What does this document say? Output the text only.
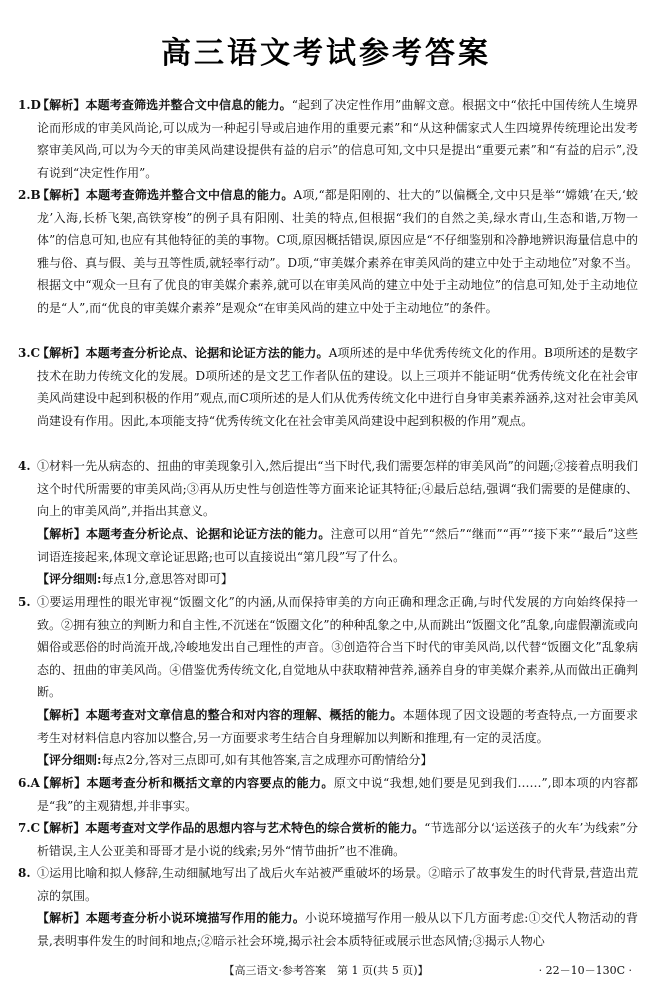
高三语文考试参考答案
1.D
【解析】本题考查筛选并整合文中信息的能力。“起到了决定性作用”曲解文意。根据文中“依托中国传统人生境界论而形成的审美风尚论,可以成为一种起引导或启迪作用的重要元素”和“从这种儒家式人生四境界传统理论出发考察审美风尚,可以为今天的审美风尚建设提供有益的启示”的信息可知,文中只是提出“重要元素”和“有益的启示”,没有说到“决定性作用”。
2.B
【解析】本题考查筛选并整合文中信息的能力。A项,“都是阳刚的、壮大的”以偏概全,文中只是举“‘嫦娥’在天,‘蛟龙’入海,长桥飞架,高铁穿梭”的例子具有阳刚、壮美的特点,但根据“我们的自然之美,绿水青山,生态和谐,万物一体”的信息可知,也应有其他特征的美的事物。C项,原因概括错误,原因应是“不仔细鉴别和冷静地辨识海量信息中的雅与俗、真与假、美与丑等性质,就轻率行动”。D项,“审美媒介素养在审美风尚的建立中处于主动地位”对象不当。根据文中“观众一旦有了优良的审美媒介素养,就可以在审美风尚的建立中处于主动地位”的信息可知,处于主动地位的是“人”,而“优良的审美媒介素养”是观众“在审美风尚的建立中处于主动地位”的条件。
3.C
【解析】本题考查分析论点、论据和论证方法的能力。A项所述的是中华优秀传统文化的作用。B项所述的是数字技术在助力传统文化的发展。D项所述的是文艺工作者队伍的建设。以上三项并不能证明“优秀传统文化在社会审美风尚建设中起到积极的作用”观点,而C项所述的是人们从优秀传统文化中进行自身审美素养涵养,这对社会审美风尚建设有作用。因此,本项能支持“优秀传统文化在社会审美风尚建设中起到积极的作用”观点。
4. ①材料一先从病态的、扭曲的审美现象引入,然后提出“当下时代,我们需要怎样的审美风尚”的问题;②接着点明我们这个时代所需要的审美风尚;③再从历史性与创造性等方面来论证其特征;④最后总结,强调“我们需要的是健康的、向上的审美风尚”,并指出其意义。
【解析】本题考查分析论点、论据和论证方法的能力。注意可以用“首先”“然后”“继而”“再”“接下来”“最后”这些词语连接起来,体现文章论证思路;也可以直接说出“第几段”写了什么。
【评分细则:每点1分,意思答对即可】
5. ①要运用理性的眼光审视“饭圈文化”的内涵,从而保持审美的方向正确和理念正确,与时代发展的方向始终保持一致。②拥有独立的判断力和自主性,不沉迷在“饭圈文化”的种种乱象之中,从而跳出“饭圈文化”乱象,向虚假潮流或向媚俗或恶俗的时尚流开战,冷峻地发出自己理性的声音。③创造符合当下时代的审美风尚,以代替“饭圈文化”乱象病态的、扭曲的审美风尚。④借鉴优秀传统文化,自觉地从中获取精神营养,涵养自身的审美媒介素养,从而做出正确判断。
【解析】本题考查对文章信息的整合和对内容的理解、概括的能力。本题体现了因文设题的考查特点,一方面要求考生对材料信息内容加以整合,另一方面要求考生结合自身理解加以判断和推理,有一定的灵活度。
【评分细则:每点2分,答对三点即可,如有其他答案,言之成理亦可酌情给分】
6.A
【解析】本题考查分析和概括文章的内容要点的能力。原文中说“我想,她们要是见到我们……”,即本项的内容都是“我”的主观猜想,并非事实。
7.C
【解析】本题考查对文学作品的思想内容与艺术特色的综合赏析的能力。“节选部分以‘运送孩子的火车’为线索”分析错误,主人公亚美和哥哥才是小说的线索;另外“情节曲折”也不准确。
8. ①运用比喻和拟人修辞,生动细腻地写出了战后火车站被严重破坏的场景。②暗示了故事发生的时代背景,营造出荒凉的氛围。
【解析】本题考查分析小说环境描写作用的能力。小说环境描写作用一般从以下几方面考虑:①交代人物活动的背景,表明事件发生的时间和地点;②暗示社会环境,揭示社会本质特征或展示世态风情;③揭示人物心
【高三语文·参考答案　第 1 页(共 5 页)】	· 22－10－130C ·
